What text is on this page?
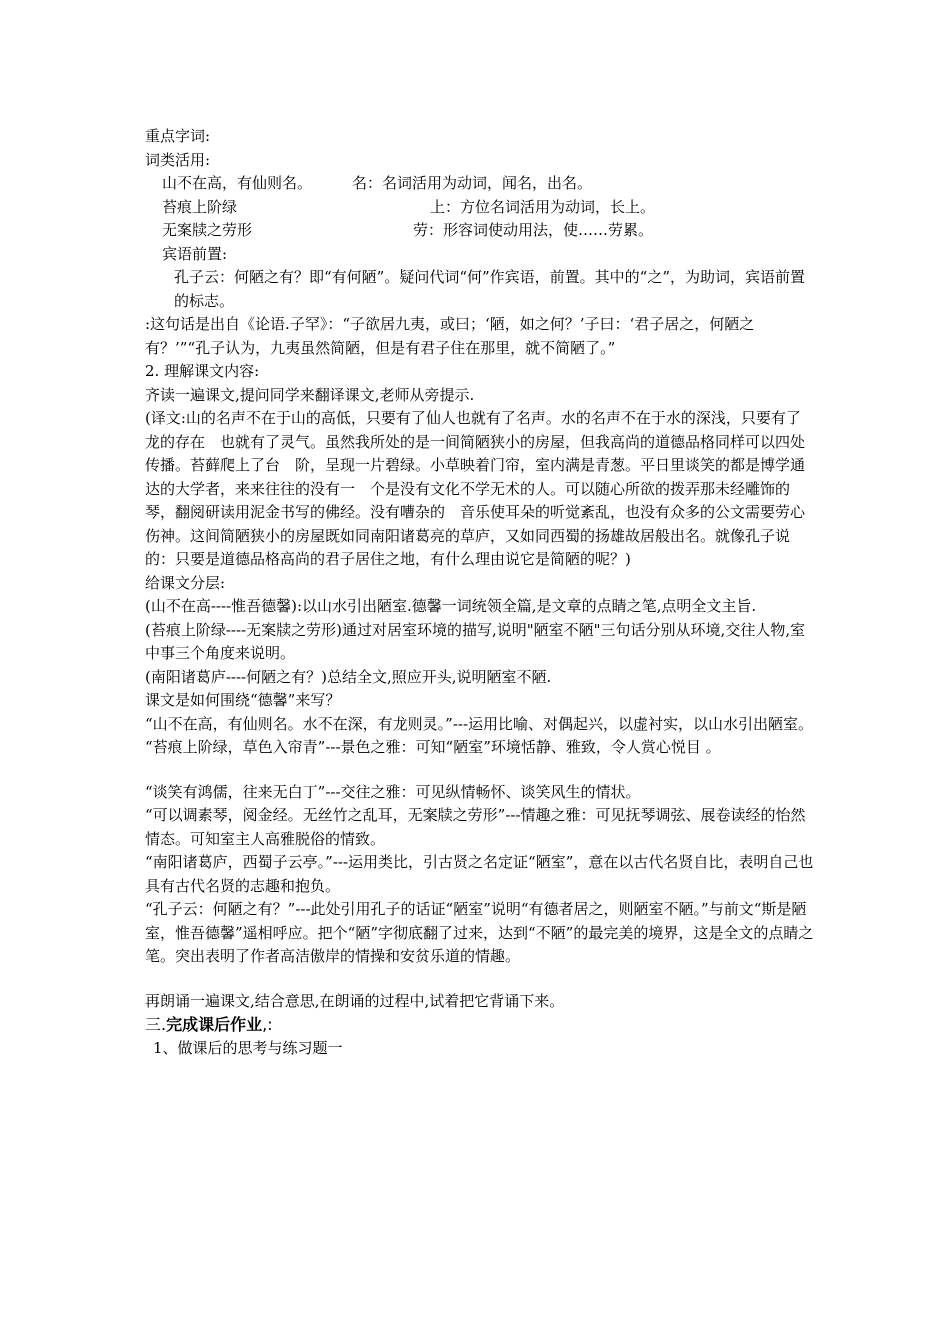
重点字词:

词类活用:

山不在高，有仙则名。	名：名词活用为动词，闻名，出名。
苔痕上阶绿	上：方位名词活用为动词，长上。
无案牍之劳形	劳：形容词使动用法，使……劳累。

宾语前置:

孔子云：何陋之有？即“有何陋”。疑问代词“何”作宾语，前置。其中的“之”，为助词，宾语前置的标志。

:这句话是出自《论语.子罕》：“子欲居九夷，或曰；‘陋，如之何？’子曰：‘君子居之，何陋之有？’”“孔子认为，九夷虽然简陋，但是有君子住在那里，就不简陋了。”

2. 理解课文内容:

齐读一遍课文,提问同学来翻译课文,老师从旁提示.

(译文:山的名声不在于山的高低，只要有了仙人也就有了名声。水的名声不在于水的深浅，只要有了龙的存在　也就有了灵气。虽然我所处的是一间简陋狭小的房屋，但我高尚的道德品格同样可以四处传播。苔藓爬上了台　阶，呈现一片碧绿。小草映着门帘，室内满是青葱。平日里谈笑的都是博学通达的大学者，来来往往的没有一　个是没有文化不学无术的人。可以随心所欲的拨弄那未经雕饰的琴，翻阅研读用泥金书写的佛经。没有嘈杂的　音乐使耳朵的听觉紊乱，也没有众多的公文需要劳心伤神。这间简陋狭小的房屋既如同南阳诸葛亮的草庐，又如同西蜀的扬雄故居般出名。就像孔子说的：只要是道德品格高尚的君子居住之地，有什么理由说它是简陋的呢？)

给课文分层:

(山不在高----惟吾德馨):以山水引出陋室.德馨一词统领全篇,是文章的点睛之笔,点明全文主旨.

(苔痕上阶绿----无案牍之劳形)通过对居室环境的描写,说明"陋室不陋"三句话分别从环境,交往人物,室中事三个角度来说明。

(南阳诸葛庐----何陋之有？)总结全文,照应开头,说明陋室不陋.

课文是如何围绕“德馨”来写？

“山不在高，有仙则名。水不在深，有龙则灵。”---运用比喻、对偶起兴，以虚衬实，以山水引出陋室。

“苔痕上阶绿，草色入帘青”---景色之雅：可知“陋室”环境恬静、雅致，令人赏心悦目 。

“谈笑有鸿儒，往来无白丁”---交往之雅：可见纵情畅怀、谈笑风生的情状。

“可以调素琴，阅金经。无丝竹之乱耳，无案牍之劳形”---情趣之雅：可见抚琴调弦、展卷读经的怡然情态。可知室主人高雅脱俗的情致。

“南阳诸葛庐，西蜀子云亭。”---运用类比，引古贤之名定证“陋室”，意在以古代名贤自比，表明自己也具有古代名贤的志趣和抱负。

“孔子云：何陋之有？”---此处引用孔子的话证“陋室”说明“有德者居之，则陋室不陋。”与前文“斯是陋室，惟吾德馨”遥相呼应。把个“陋”字彻底翻了过来，达到“不陋”的最完美的境界，这是全文的点睛之笔。突出表明了作者高洁傲岸的情操和安贫乐道的情趣。

再朗诵一遍课文,结合意思,在朗诵的过程中,试着把它背诵下来。

三.完成课后作业,:

1、做课后的思考与练习题一
